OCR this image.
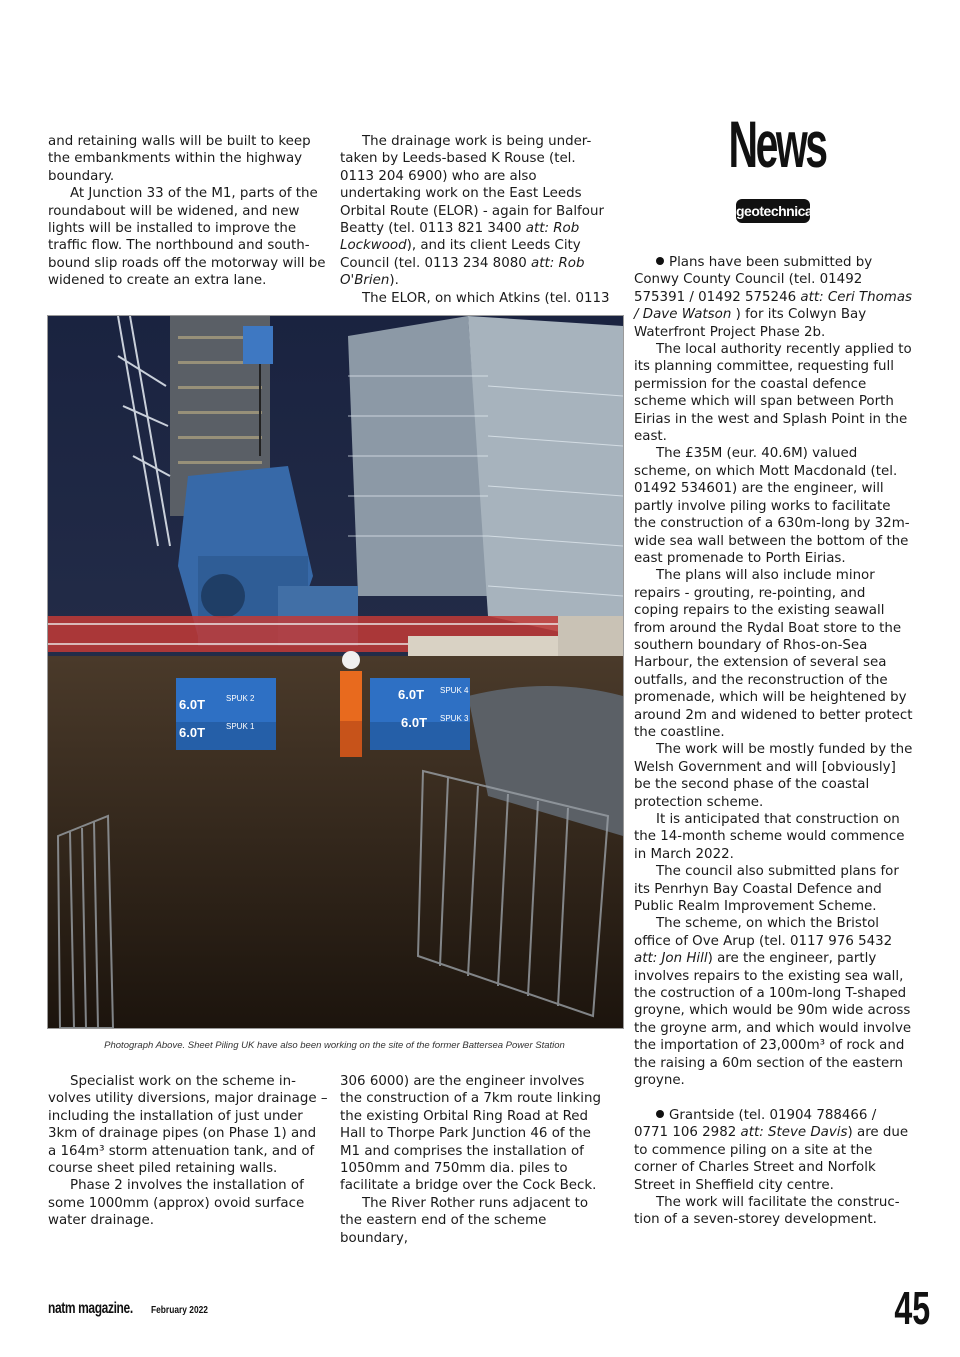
and retaining walls will be built to keep the embankments within the highway boundary.

At Junction 33 of the M1, parts of the roundabout will be widened, and new lights will be installed to improve the traffic flow. The northbound and south-bound slip roads off the motorway will be widened to create an extra lane.

The drainage work is being under-taken by Leeds-based K Rouse (tel. 0113 204 6900) who are also undertaking work on the East Leeds Orbital Route (ELOR) - again for Balfour Beatty (tel. 0113 821 3400 att: Rob Lockwood), and its client Leeds City Council (tel. 0113 234 8080 att: Rob O'Brien).

The ELOR, on which Atkins (tel. 0113

News
geotechnical

Plans have been submitted by Conwy County Council (tel. 01492 575391 / 01492 575246 att: Ceri Thomas / Dave Watson ) for its Colwyn Bay Waterfront Project Phase 2b.

The local authority recently applied to its planning committee, requesting full permission for the coastal defence scheme which will span between Porth Eirias in the west and Splash Point in the east.

The £35M (eur. 40.6M) valued scheme, on which Mott Macdonald (tel. 01492 534601) are the engineer, will partly involve piling works to facilitate the construction of a 630m-long by 32m-wide sea wall between the bottom of the east promenade to Porth Eirias.

The plans will also include minor repairs - grouting, re-pointing, and coping repairs to the existing seawall from around the Rydal Boat store to the southern boundary of Rhos-on-Sea Harbour, the extension of several sea outfalls, and the reconstruction of the promenade, which will be heightened by around 2m and widened to better protect the coastline.

The work will be mostly funded by the Welsh Government and will [obviously] be the second phase of the coastal protection scheme.

It is anticipated that construction on the 14-month scheme would commence in March 2022.

The council also submitted plans for its Penrhyn Bay Coastal Defence and Public Realm Improvement Scheme.

The scheme, on which the Bristol office of Ove Arup (tel. 0117 976 5432 att: Jon Hill) are the engineer, partly involves repairs to the existing sea wall, the costruction of a 100m-long T-shaped groyne, which would be 90m wide across the groyne arm, and which would involve the importation of 23,000m³ of rock and the raising a 60m section of the eastern groyne.

Grantside (tel. 01904 788466 / 0771 106 2982 att: Steve Davis) are due to commence piling on a site at the corner of Charles Street and Norfolk Street in Sheffield city centre.

The work will facilitate the construc-tion of a seven-storey development.

6.0T
6.0T
SPUK 2
SPUK 1
6.0T
6.0T
SPUK 4
SPUK 3
Photograph Above. Sheet Piling UK have also been working on the site of the former Battersea Power Station

Specialist work on the scheme in-volves utility diversions, major drainage – including the installation of just under 3km of drainage pipes (on Phase 1) and a 164m³ storm attenuation tank, and of course sheet piled retaining walls.

Phase 2 involves the installation of some 1000mm (approx) ovoid surface water drainage.

306 6000) are the engineer involves the construction of a 7km route linking the existing Orbital Ring Road at Red Hall to Thorpe Park Junction 46 of the M1 and comprises the installation of 1050mm and 750mm dia. piles to facilitate a bridge over the Cock Beck.

The River Rother runs adjacent to the eastern end of the scheme boundary,

natm magazine. February 2022	45
